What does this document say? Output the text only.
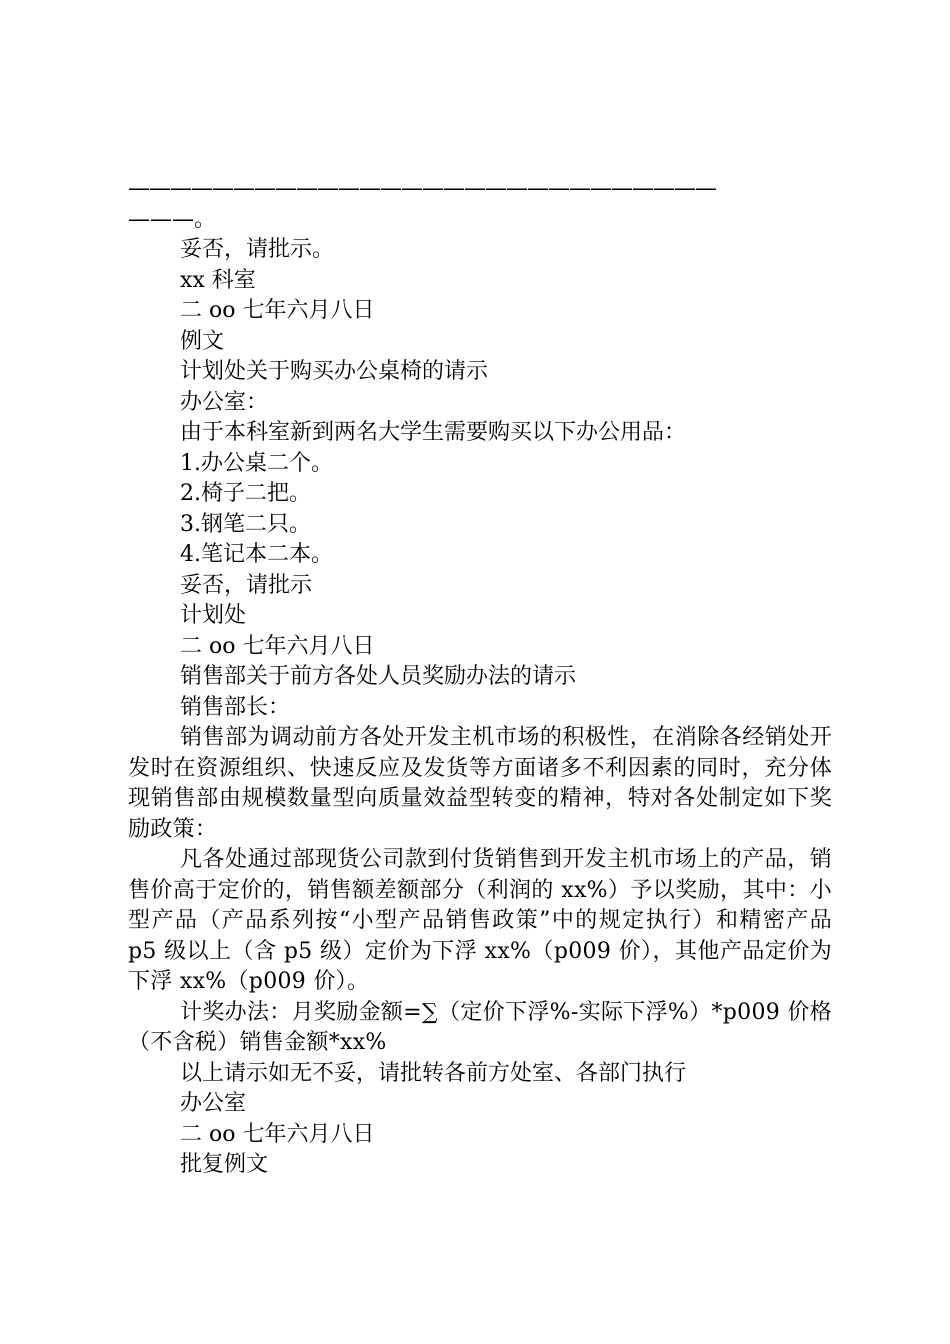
————————————————————————————
———。
妥否，请批示。
xx 科室
二 oo 七年六月八日
例文
计划处关于购买办公桌椅的请示
办公室：
由于本科室新到两名大学生需要购买以下办公用品：
1.办公桌二个。
2.椅子二把。
3.钢笔二只。
4.笔记本二本。
妥否，请批示
计划处
二 oo 七年六月八日
销售部关于前方各处人员奖励办法的请示
销售部长：
销售部为调动前方各处开发主机市场的积极性，在消除各经销处开发时在资源组织、快速反应及发货等方面诸多不利因素的同时，充分体现销售部由规模数量型向质量效益型转变的精神，特对各处制定如下奖励政策：
凡各处通过部现货公司款到付货销售到开发主机市场上的产品，销售价高于定价的，销售额差额部分（利润的 xx%）予以奖励，其中：小型产品（产品系列按“小型产品销售政策”中的规定执行）和精密产品 p5 级以上（含 p5 级）定价为下浮 xx%（p009 价），其他产品定价为下浮 xx%（p009 价）。
计奖办法：月奖励金额=∑（定价下浮%-实际下浮%）*p009 价格（不含税）销售金额*xx%
以上请示如无不妥，请批转各前方处室、各部门执行
办公室
二 oo 七年六月八日
批复例文
